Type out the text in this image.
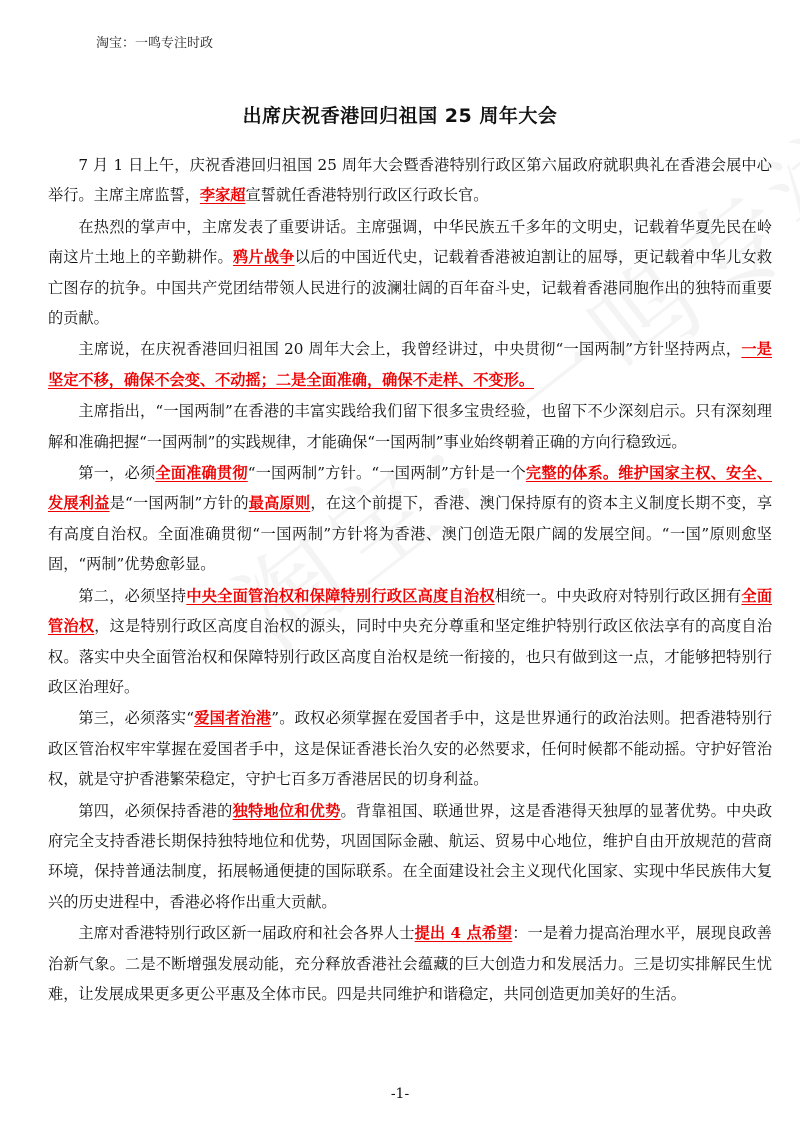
淘宝：一鸣专注时政
出席庆祝香港回归祖国 25 周年大会

7 月 1 日上午，庆祝香港回归祖国 25 周年大会暨香港特别行政区第六届政府就职典礼在香港会展中心举行。主席主席监誓，李家超宣誓就任香港特别行政区行政长官。

在热烈的掌声中，主席发表了重要讲话。主席强调，中华民族五千多年的文明史，记载着华夏先民在岭南这片土地上的辛勤耕作。鸦片战争以后的中国近代史，记载着香港被迫割让的屈辱，更记载着中华儿女救亡图存的抗争。中国共产党团结带领人民进行的波澜壮阔的百年奋斗史，记载着香港同胞作出的独特而重要的贡献。

主席说，在庆祝香港回归祖国 20 周年大会上，我曾经讲过，中央贯彻“一国两制”方针坚持两点，一是坚定不移，确保不会变、不动摇；二是全面准确，确保不走样、不变形。

主席指出，“一国两制”在香港的丰富实践给我们留下很多宝贵经验，也留下不少深刻启示。只有深刻理解和准确把握“一国两制”的实践规律，才能确保“一国两制”事业始终朝着正确的方向行稳致远。

第一，必须全面准确贯彻“一国两制”方针。“一国两制”方针是一个完整的体系。维护国家主权、安全、发展利益是“一国两制”方针的最高原则，在这个前提下，香港、澳门保持原有的资本主义制度长期不变，享有高度自治权。全面准确贯彻“一国两制”方针将为香港、澳门创造无限广阔的发展空间。“一国”原则愈坚固，“两制”优势愈彰显。

第二，必须坚持中央全面管治权和保障特别行政区高度自治权相统一。中央政府对特别行政区拥有全面管治权，这是特别行政区高度自治权的源头，同时中央充分尊重和坚定维护特别行政区依法享有的高度自治权。落实中央全面管治权和保障特别行政区高度自治权是统一衔接的，也只有做到这一点，才能够把特别行政区治理好。

第三，必须落实“爱国者治港”。政权必须掌握在爱国者手中，这是世界通行的政治法则。把香港特别行政区管治权牢牢掌握在爱国者手中，这是保证香港长治久安的必然要求，任何时候都不能动摇。守护好管治权，就是守护香港繁荣稳定，守护七百多万香港居民的切身利益。

第四，必须保持香港的独特地位和优势。背靠祖国、联通世界，这是香港得天独厚的显著优势。中央政府完全支持香港长期保持独特地位和优势，巩固国际金融、航运、贸易中心地位，维护自由开放规范的营商环境，保持普通法制度，拓展畅通便捷的国际联系。在全面建设社会主义现代化国家、实现中华民族伟大复兴的历史进程中，香港必将作出重大贡献。

主席对香港特别行政区新一届政府和社会各界人士提出 4 点希望：一是着力提高治理水平，展现良政善治新气象。二是不断增强发展动能，充分释放香港社会蕴藏的巨大创造力和发展活力。三是切实排解民生忧难，让发展成果更多更公平惠及全体市民。四是共同维护和谐稳定，共同创造更加美好的生活。

-1-
